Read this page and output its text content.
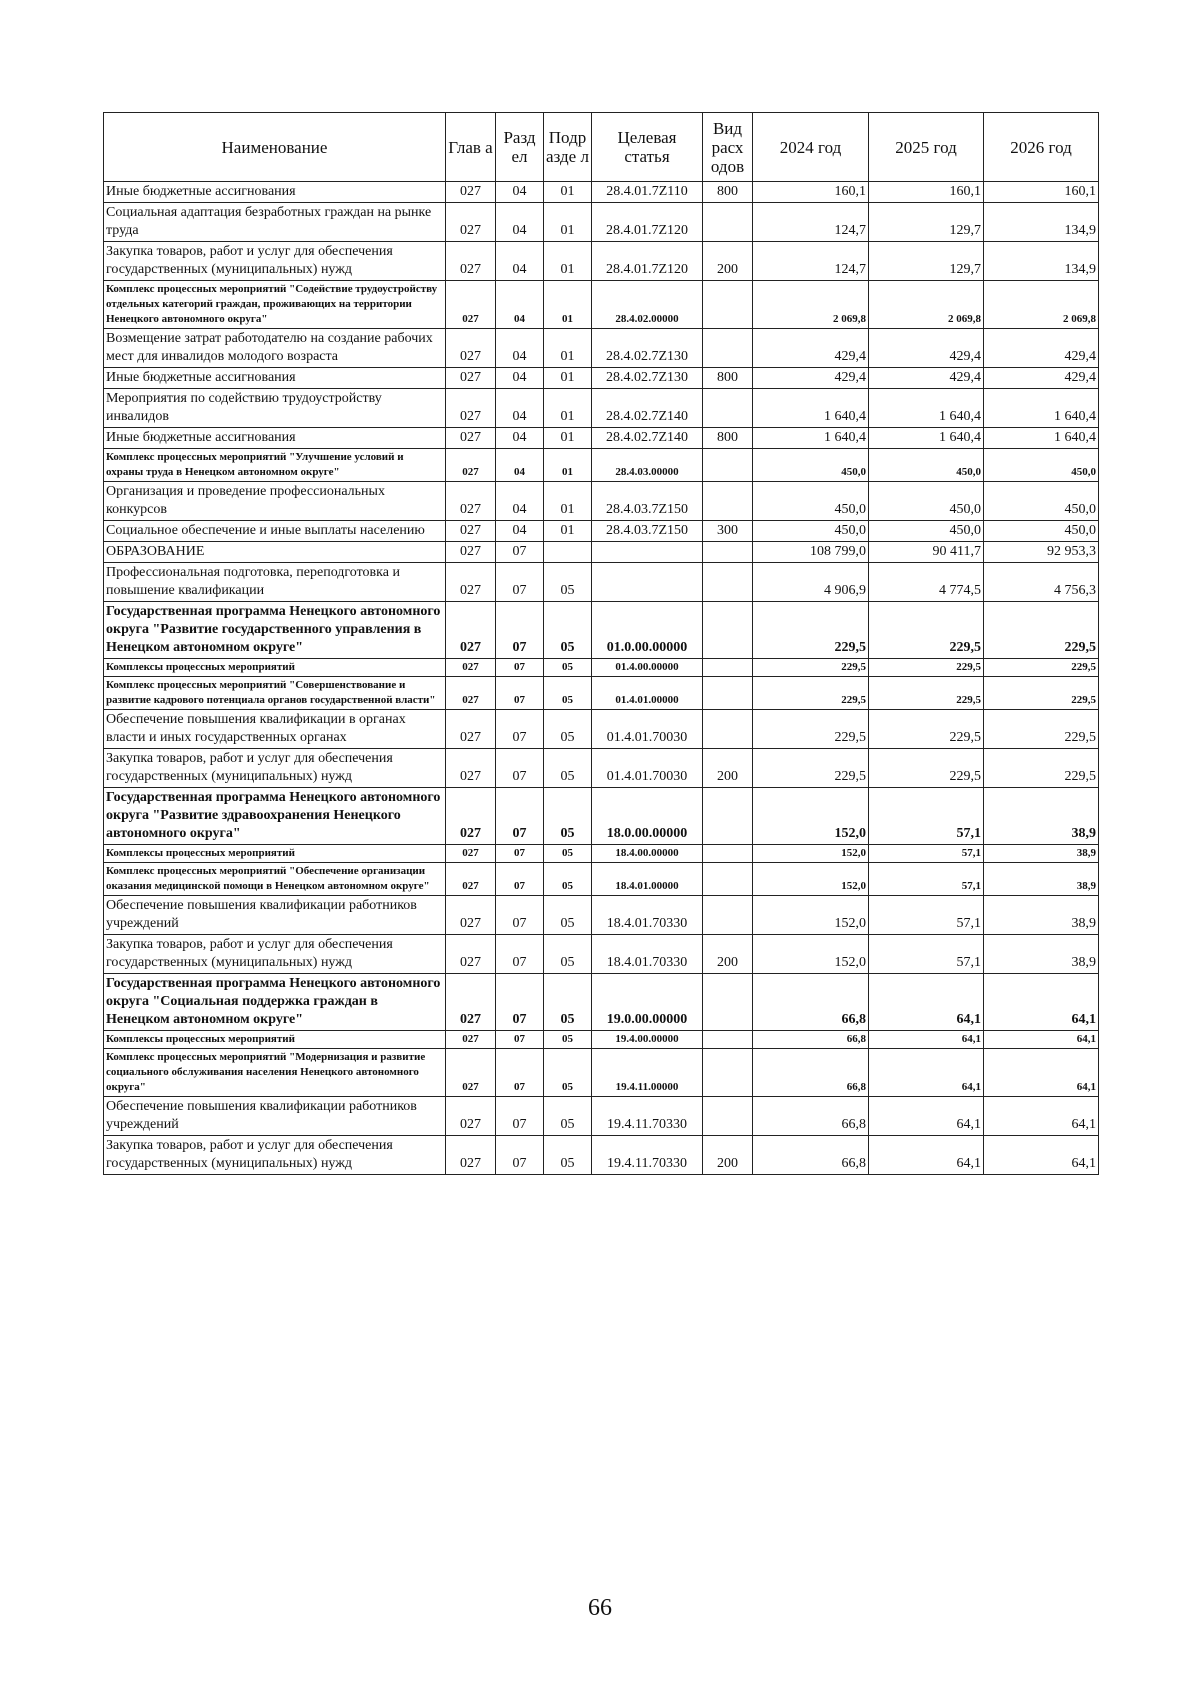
Наименование	Глав а	Разд ел	Подр азде л	Целевая статья	Вид расх одов	2024 год	2025 год	2026 год
Иные бюджетные ассигнования	027	04	01	28.4.01.7Z110	800	160,1	160,1	160,1
Социальная адаптация безработных граждан на рынке труда	027	04	01	28.4.01.7Z120		124,7	129,7	134,9
Закупка товаров, работ и услуг для обеспечения государственных (муниципальных) нужд	027	04	01	28.4.01.7Z120	200	124,7	129,7	134,9
Комплекс процессных мероприятий "Содействие трудоустройству отдельных категорий граждан, проживающих на территории Ненецкого автономного округа"	027	04	01	28.4.02.00000		2 069,8	2 069,8	2 069,8
Возмещение затрат работодателю на создание рабочих мест для инвалидов молодого возраста	027	04	01	28.4.02.7Z130		429,4	429,4	429,4
Иные бюджетные ассигнования	027	04	01	28.4.02.7Z130	800	429,4	429,4	429,4
Мероприятия по содействию трудоустройству инвалидов	027	04	01	28.4.02.7Z140		1 640,4	1 640,4	1 640,4
Иные бюджетные ассигнования	027	04	01	28.4.02.7Z140	800	1 640,4	1 640,4	1 640,4
Комплекс процессных мероприятий "Улучшение условий и охраны труда в Ненецком автономном округе"	027	04	01	28.4.03.00000		450,0	450,0	450,0
Организация и проведение профессиональных конкурсов	027	04	01	28.4.03.7Z150		450,0	450,0	450,0
Социальное обеспечение и иные выплаты населению	027	04	01	28.4.03.7Z150	300	450,0	450,0	450,0
ОБРАЗОВАНИЕ	027	07				108 799,0	90 411,7	92 953,3
Профессиональная подготовка, переподготовка и повышение квалификации	027	07	05			4 906,9	4 774,5	4 756,3
Государственная программа Ненецкого автономного округа "Развитие государственного управления в Ненецком автономном округе"	027	07	05	01.0.00.00000		229,5	229,5	229,5
Комплексы процессных мероприятий	027	07	05	01.4.00.00000		229,5	229,5	229,5
Комплекс процессных мероприятий "Совершенствование и развитие кадрового потенциала органов государственной власти"	027	07	05	01.4.01.00000		229,5	229,5	229,5
Обеспечение повышения квалификации в органах власти и иных государственных органах	027	07	05	01.4.01.70030		229,5	229,5	229,5
Закупка товаров, работ и услуг для обеспечения государственных (муниципальных) нужд	027	07	05	01.4.01.70030	200	229,5	229,5	229,5
Государственная программа Ненецкого автономного округа "Развитие здравоохранения Ненецкого автономного округа"	027	07	05	18.0.00.00000		152,0	57,1	38,9
Комплексы процессных мероприятий	027	07	05	18.4.00.00000		152,0	57,1	38,9
Комплекс процессных мероприятий "Обеспечение организации оказания медицинской помощи в Ненецком автономном округе"	027	07	05	18.4.01.00000		152,0	57,1	38,9
Обеспечение повышения квалификации работников учреждений	027	07	05	18.4.01.70330		152,0	57,1	38,9
Закупка товаров, работ и услуг для обеспечения государственных (муниципальных) нужд	027	07	05	18.4.01.70330	200	152,0	57,1	38,9
Государственная программа Ненецкого автономного округа "Социальная поддержка граждан в Ненецком автономном округе"	027	07	05	19.0.00.00000		66,8	64,1	64,1
Комплексы процессных мероприятий	027	07	05	19.4.00.00000		66,8	64,1	64,1
Комплекс процессных мероприятий "Модернизация и развитие социального обслуживания населения Ненецкого автономного округа"	027	07	05	19.4.11.00000		66,8	64,1	64,1
Обеспечение повышения квалификации работников учреждений	027	07	05	19.4.11.70330		66,8	64,1	64,1
Закупка товаров, работ и услуг для обеспечения государственных (муниципальных) нужд	027	07	05	19.4.11.70330	200	66,8	64,1	64,1
66
